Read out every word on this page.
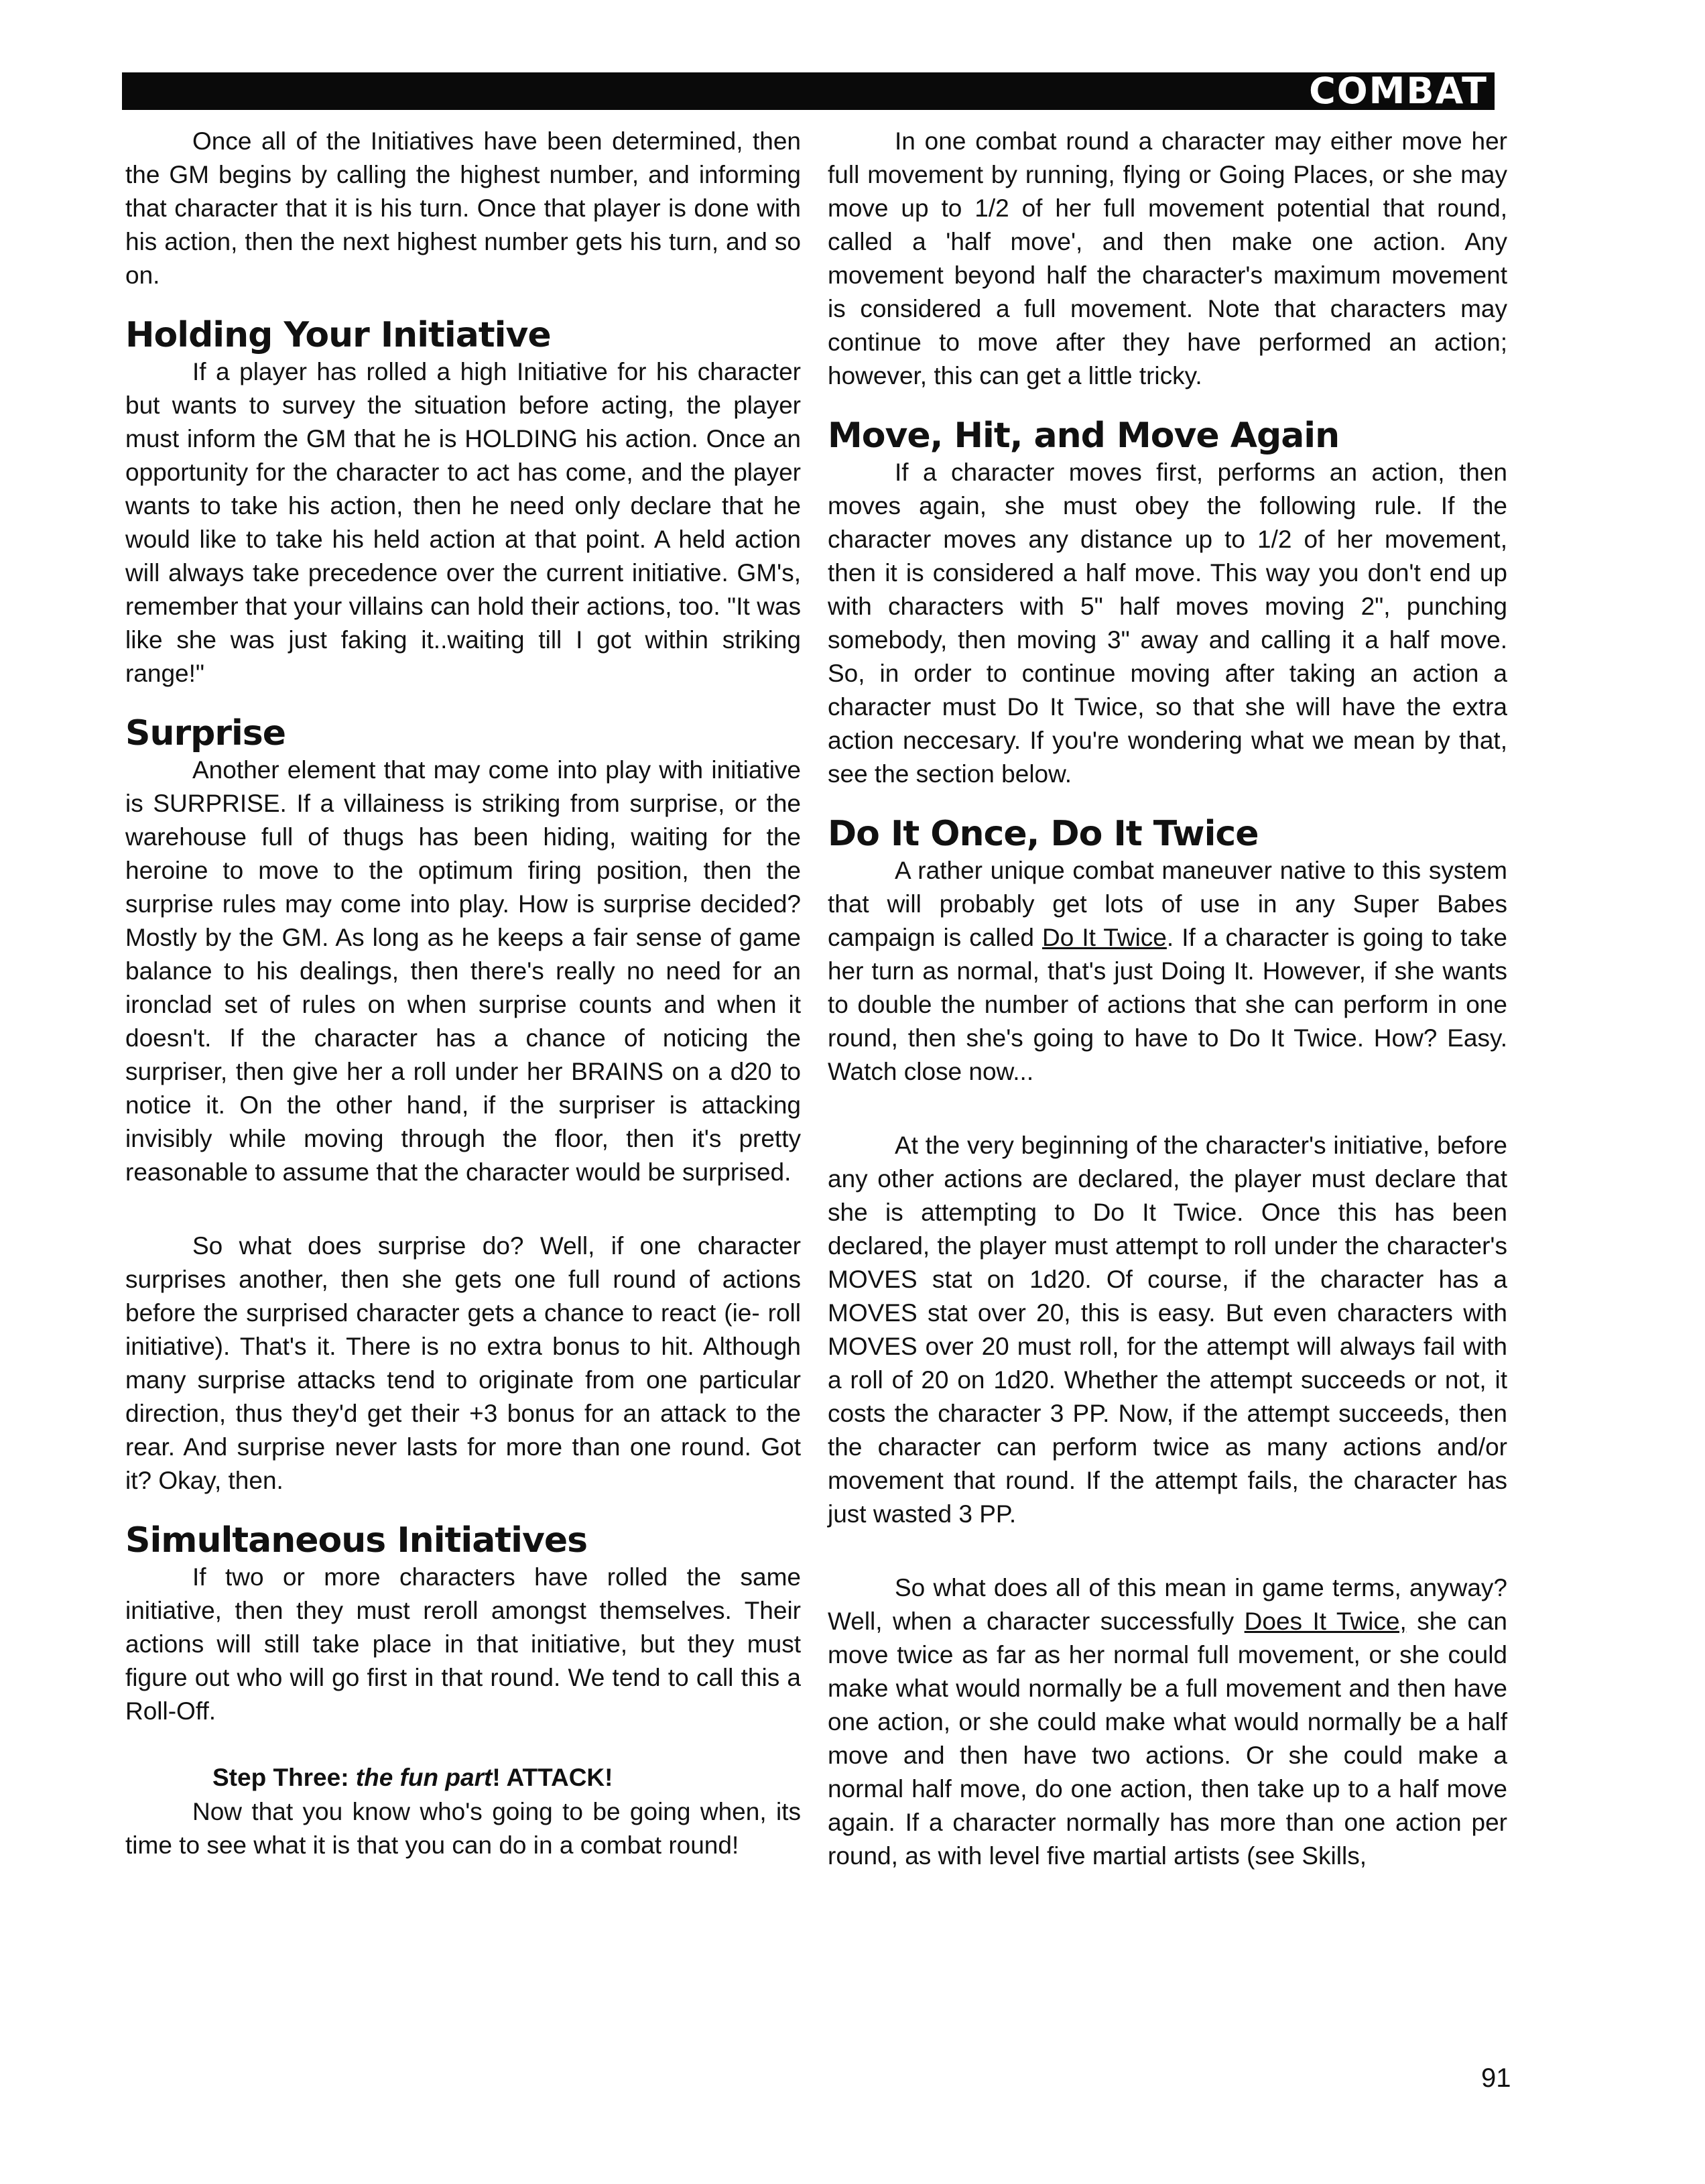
COMBAT

Once all of the Initiatives have been determined, then the GM begins by calling the highest number, and informing that character that it is his turn. Once that player is done with his action, then the next highest number gets his turn, and so on.

Holding Your Initiative

If a player has rolled a high Initiative for his character but wants to survey the situation before acting, the player must inform the GM that he is HOLDING his action. Once an opportunity for the character to act has come, and the player wants to take his action, then he need only declare that he would like to take his held action at that point. A held action will always take precedence over the current initiative. GM's, remember that your villains can hold their actions, too. "It was like she was just faking it..waiting till I got within striking range!"

Surprise

Another element that may come into play with initiative is SURPRISE. If a villainess is striking from surprise, or the warehouse full of thugs has been hiding, waiting for the heroine to move to the optimum firing position, then the surprise rules may come into play. How is surprise decided? Mostly by the GM. As long as he keeps a fair sense of game balance to his dealings, then there's really no need for an ironclad set of rules on when surprise counts and when it doesn't. If the character has a chance of noticing the surpriser, then give her a roll under her BRAINS on a d20 to notice it. On the other hand, if the surpriser is attacking invisibly while moving through the floor, then it's pretty reasonable to assume that the character would be surprised.

So what does surprise do? Well, if one character surprises another, then she gets one full round of actions before the surprised character gets a chance to react (ie- roll initiative). That's it. There is no extra bonus to hit. Although many surprise attacks tend to originate from one particular direction, thus they'd get their +3 bonus for an attack to the rear. And surprise never lasts for more than one round. Got it? Okay, then.

Simultaneous Initiatives

If two or more characters have rolled the same initiative, then they must reroll amongst themselves. Their actions will still take place in that initiative, but they must figure out who will go first in that round. We tend to call this a Roll-Off.

Step Three: the fun part! ATTACK!

Now that you know who's going to be going when, its time to see what it is that you can do in a combat round!

In one combat round a character may either move her full movement by running, flying or Going Places, or she may move up to 1/2 of her full movement potential that round, called a 'half move', and then make one action. Any movement beyond half the character's maximum movement is considered a full movement. Note that characters may continue to move after they have performed an action; however, this can get a little tricky.

Move, Hit, and Move Again

If a character moves first, performs an action, then moves again, she must obey the following rule. If the character moves any distance up to 1/2 of her movement, then it is considered a half move. This way you don't end up with characters with 5" half moves moving 2", punching somebody, then moving 3" away and calling it a half move. So, in order to continue moving after taking an action a character must Do It Twice, so that she will have the extra action neccesary. If you're wondering what we mean by that, see the section below.

Do It Once, Do It Twice

A rather unique combat maneuver native to this system that will probably get lots of use in any Super Babes campaign is called Do It Twice. If a character is going to take her turn as normal, that's just Doing It. However, if she wants to double the number of actions that she can perform in one round, then she's going to have to Do It Twice. How? Easy. Watch close now...

At the very beginning of the character's initiative, before any other actions are declared, the player must declare that she is attempting to Do It Twice. Once this has been declared, the player must attempt to roll under the character's MOVES stat on 1d20. Of course, if the character has a MOVES stat over 20, this is easy. But even characters with MOVES over 20 must roll, for the attempt will always fail with a roll of 20 on 1d20. Whether the attempt succeeds or not, it costs the character 3 PP. Now, if the attempt succeeds, then the character can perform twice as many actions and/or movement that round. If the attempt fails, the character has just wasted 3 PP.

So what does all of this mean in game terms, anyway? Well, when a character successfully Does It Twice, she can move twice as far as her normal full movement, or she could make what would normally be a full movement and then have one action, or she could make what would normally be a half move and then have two actions. Or she could make a normal half move, do one action, then take up to a half move again. If a character normally has more than one action per round, as with level five martial artists (see Skills,

91
